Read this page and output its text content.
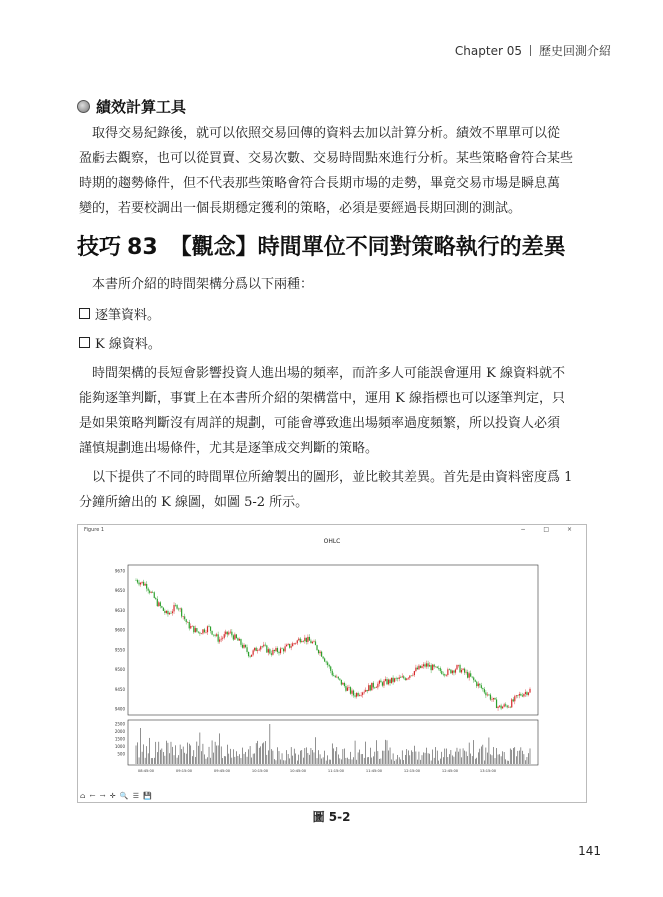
Chapter 05 歷史回測介紹
績效計算工具
取得交易紀錄後，就可以依照交易回傳的資料去加以計算分析。績效不單單可以從
盈虧去觀察，也可以從買賣、交易次數、交易時間點來進行分析。某些策略會符合某些
時期的趨勢條件，但不代表那些策略會符合長期市場的走勢，畢竟交易市場是瞬息萬
變的，若要校調出一個長期穩定獲利的策略，必須是要經過長期回測的測試。
技巧 83 【觀念】時間單位不同對策略執行的差異
本書所介紹的時間架構分爲以下兩種：
逐筆資料。
K 線資料。
時間架構的長短會影響投資人進出場的頻率，而許多人可能誤會運用 K 線資料就不
能夠逐筆判斷，事實上在本書所介紹的架構當中，運用 K 線指標也可以逐筆判定，只
是如果策略判斷沒有周詳的規劃，可能會導致進出場頻率過度頻繁，所以投資人必須
謹慎規劃進出場條件，尤其是逐筆成交判斷的策略。
以下提供了不同的時間單位所繪製出的圖形，並比較其差異。首先是由資料密度爲 1
分鐘所繪出的 K 線圖，如圖 5-2 所示。
Figure 1	− □ ×
OHLC
9670
9650
9630
9600
9550
9500
9450
9400
2500
2000
1500
1000
500
08:45:00	09:15:00	09:45:00	10:15:00	10:45:00	11:15:00	11:45:00	12:15:00	12:45:00	13:15:00
⌂ ← → ✛ 🔍 ☰ 💾
圖 5-2
141
